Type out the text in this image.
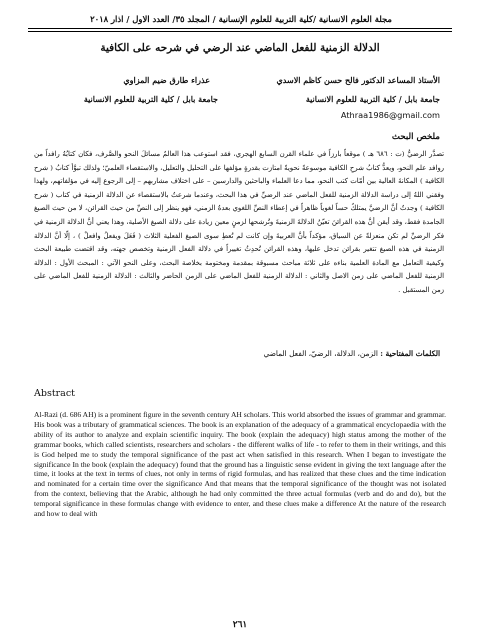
مجلة العلوم الانسانية /كلية التربية للعلوم الإنسانية / المجلد ٣٥/ العدد الاول / اذار ٢٠١٨
الدلالة الزمنية للفعل الماضي عند الرضي في شرحه على الكافية
الأستاذ المساعد الدكتور فالح حسن كاظم الاسدي
جامعة بابل / كلية التربية للعلوم الانسانية
عذراء طارق ضيم المزاوي
جامعة بابل / كلية التربية للعلوم الانسانية
Athraa1986@gmail.com
ملخص البحث

تصدَّر الرضيُّ (ت : ٦٨٦ هـ ) موقعاً بارزاً في علماء القرن السابع الهجري، فقد استوعب هذا العالمُ مسائلَ النحو والصَّرف، فكان كتابُهُ رافداً من روافد علم النحو، ويعدُّ كتابُ شرحِ الكافية موسوعةً نحويةً امتازت بقدرةٍ مؤلفها على التحليل والتعليل، والاستقصاء العلميّ؛ ولذلك تبوَّأ كتابُ ( شرح الكافية ) المكانةَ العالية بين أمّات كتب النحو، مما دعا العلماء والباحثين والدارسين – على اختلاف مشاربهم – إلى الرجوع إليه في مؤلفاتهم، ولهذا وفقني اللهُ إلى دراسة الدلالة الزمنية للفعل الماضي عند الرضيِّ في هذا البحث، وعندما شرعتُ بالاستقصاء عن الدلالة الزمنية في كتاب ( شرح الكافية ) وجدتُ أنَّ الرضيَّ يمتلكُ حساً لغوياً ظاهراً في إعطاء النصِّ اللغوي بعدهُ الزمني، فهو ينظر إلى النصِّ من حيث القرائن، لا من حيث الصيغ الجامدة فقط، وقد أيقن أنَّ هذه القرائنَ تعيّنُ الدلالةَ الزمنيةَ وتُرشحها لزمنٍ معين زيادة على دلالة الصيغ الأصلية، وهذا يعني أنَّ الدلالة الزمنية في فكر الرضيِّ لم تكن منعزلةً عن السياق، مؤكداً بأنَّ العربيةَ وإن كانت لم تُعطِ سوى الصيغ الفعلية الثلاث ( فَعَلَ ويفعلُ وافعلْ ) ، إلّا أنَّ الدلالة الزمنية في هذه الصيغ تتغير بقرائن تدخل عليها، وهذه القرائن تُحدِثُ تغييراً في دلالة الفعل الزمنية وتخصص جهته، وقد اقتضت طبيعة البحث وكيفية التعامل مع المادة العلمية بناءه على ثلاثة مباحث مسبوقة بمقدمة ومختومة بخلاصة البحث، وعلى النحو الآتي : المبحث الأول : الدلالة الزمنية للفعل الماضي على زمن الاصل والثاني : الدلالة الزمنية للفعل الماضي على الزمن الحاضر والثالث : الدلالة الزمنية للفعل الماضي على زمن المستقبل .

الكلمات المفتاحية : الزمن، الدلالة، الرضيّ، الفعل الماضي
Abstract

Al-Razi (d. 686 AH) is a prominent figure in the seventh century AH scholars. This world absorbed the issues of grammar and grammar. His book was a tributary of grammatical sciences. The book is an explanation of the adequacy of a grammatical encyclopaedia with the ability of its author to analyze and explain scientific inquiry. The book (explain the adequacy) high status among the mother of the grammar books, which called scientists, researchers and scholars - the different walks of life - to refer to them in their writings, and this is God helped me to study the temporal significance of the past act when satisfied in this research. When I began to investigate the significance In the book (explain the adequacy) found that the ground has a linguistic sense evident in giving the text language after the time, it looks at the text in terms of clues, not only in terms of rigid formulas, and has realized that these clues and the time indication and nominated for a certain time over the significance And that means that the temporal significance of the thought was not isolated from the context, believing that the Arabic, although he had only committed the three actual formulas (verb and do and do), but the temporal significance in these formulas change with evidence to enter, and these clues make a difference At the nature of the research and how to deal with

٢٦١
